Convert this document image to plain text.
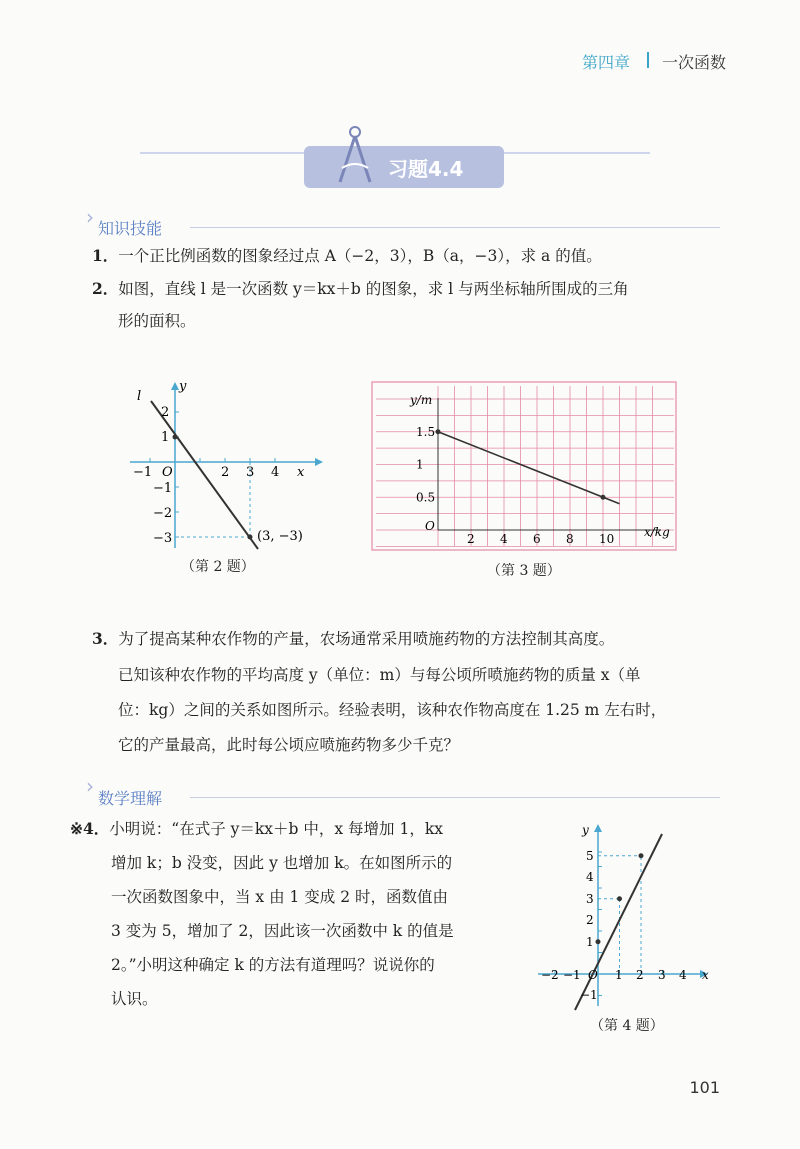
第四章 一次函数
习题4.4
› 知识技能
1．一个正比例函数的图象经过点 A（−2，3），B（a，−3），求 a 的值。
2．如图，直线 l 是一次函数 y＝kx＋b 的图象，求 l 与两坐标轴所围成的三角
形的面积。
l
(3, −3)
−1 O	2 3 4 x
y
2
1
−1
−2
−3
（第 2 题）
y/m
x/kg
O
2 4 6 8 10
1.5
1
0.5
（第 3 题）
3．为了提高某种农作物的产量，农场通常采用喷施药物的方法控制其高度。
已知该种农作物的平均高度 y（单位：m）与每公顷所喷施药物的质量 x（单
位：kg）之间的关系如图所示。经验表明，该种农作物高度在 1.25 m 左右时，
它的产量最高，此时每公顷应喷施药物多少千克？
›
数学理解
※4．小明说：“在式子 y＝kx＋b 中，x 每增加 1，kx
增加 k；b 没变，因此 y 也增加 k。在如图所示的
一次函数图象中，当 x 由 1 变成 2 时，函数值由
3 变为 5，增加了 2，因此该一次函数中 k 的值是
2。”小明这种确定 k 的方法有道理吗？说说你的
认识。
−2 −1 O 1 2 3 4 x
y
5
4
3
2
1
−1
（第 4 题）
101
